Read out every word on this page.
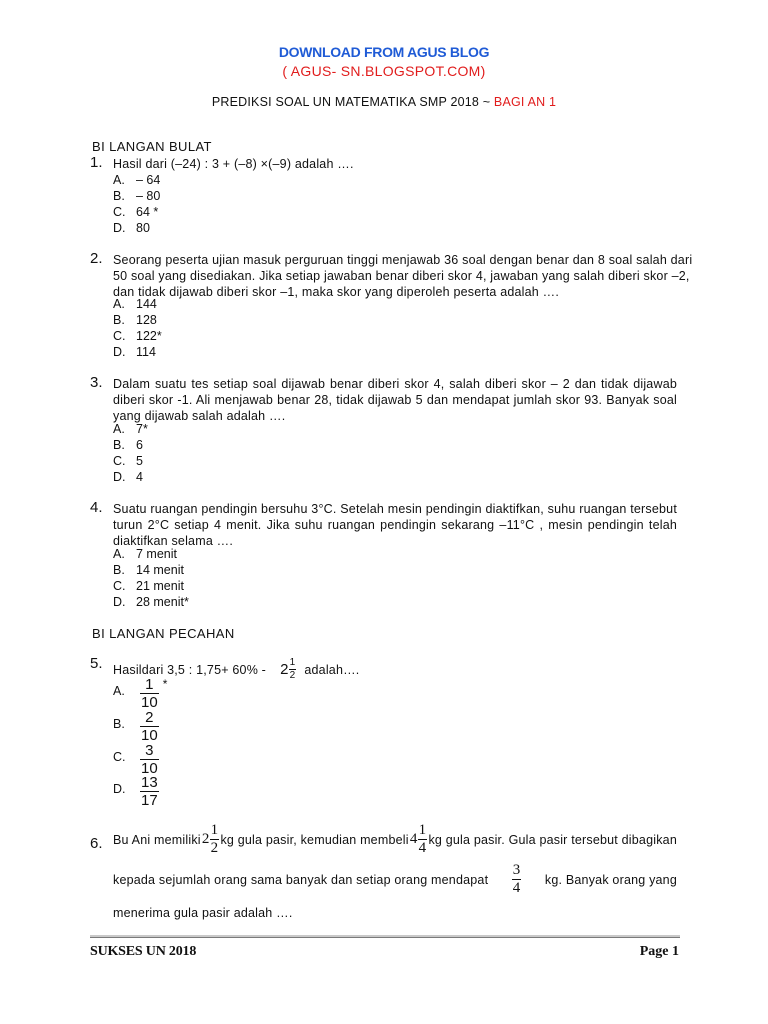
DOWNLOAD FROM AGUS BLOG
( AGUS- SN.BLOGSPOT.COM)
PREDIKSI SOAL UN MATEMATIKA SMP 2018 ~ BAGI AN 1
BI LANGAN BULAT
1. Hasil dari (–24) : 3 + (–8) ×(–9) adalah ….
A. – 64
B. – 80
C. 64 *
D. 80
2. Seorang peserta ujian masuk perguruan tinggi menjawab 36 soal dengan benar dan 8 soal salah dari
50 soal yang disediakan. Jika setiap jawaban benar diberi skor 4, jawaban yang salah diberi skor –2,
dan tidak dijawab diberi skor –1, maka skor yang diperoleh peserta adalah ….
A. 144
B. 128
C. 122*
D. 114
3. Dalam suatu tes setiap soal dijawab benar diberi skor 4, salah diberi skor – 2 dan tidak dijawab
diberi skor -1. Ali menjawab benar 28, tidak dijawab 5 dan mendapat jumlah skor 93. Banyak soal
yang dijawab salah adalah ….
A. 7*
B. 6
C. 5
D. 4
4. Suatu ruangan pendingin bersuhu 3°C. Setelah mesin pendingin diaktifkan, suhu ruangan tersebut
turun 2°C setiap 4 menit. Jika suhu ruangan pendingin sekarang –11°C , mesin pendingin telah
diaktifkan selama ….
A. 7 menit
B. 14 menit
C. 21 menit
D. 28 menit*
BI LANGAN PECAHAN
5. Hasildari 3,5 : $1,75+ 60\% - 2 \frac{1}{2}$ adalah….
A. $\frac{1}{10} ^*$
B. $\frac{2}{10}$
C. $\frac{3}{10}$
D. $\frac{13}{17}$
6. Bu Ani memiliki $2 \frac{1}{2}$ kg gula pasir, kemudian membeli $4 \frac{1}{4}$ kg gula pasir. Gula pasir tersebut dibagikan
kepada sejumlah orang sama banyak dan setiap orang mendapat $\frac{3}{4}$ kg. Banyak orang yang
menerima gula pasir adalah ….
SUKSES UN 2018	Page 1
